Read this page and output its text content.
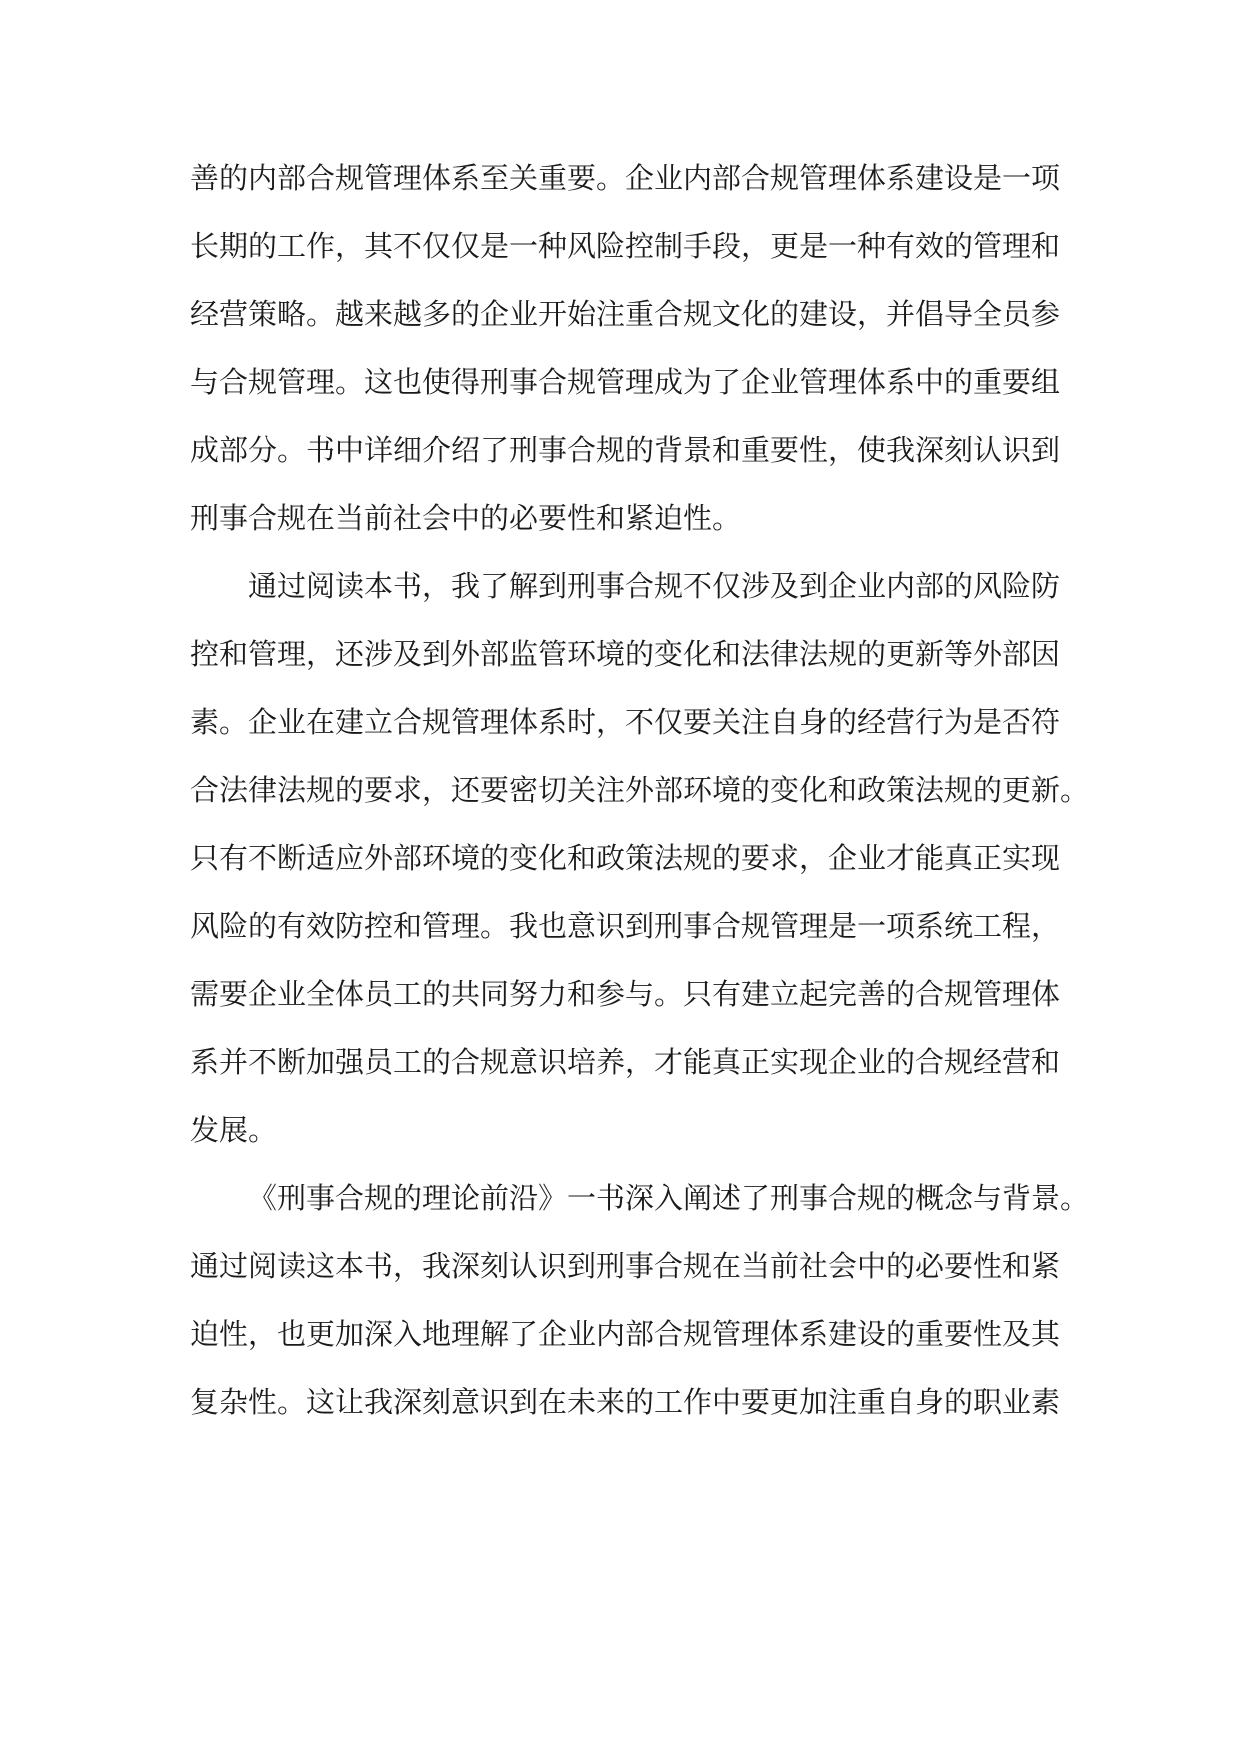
善的内部合规管理体系至关重要。企业内部合规管理体系建设是一项
长期的工作，其不仅仅是一种风险控制手段，更是一种有效的管理和
经营策略。越来越多的企业开始注重合规文化的建设，并倡导全员参
与合规管理。这也使得刑事合规管理成为了企业管理体系中的重要组
成部分。书中详细介绍了刑事合规的背景和重要性，使我深刻认识到
刑事合规在当前社会中的必要性和紧迫性。
通过阅读本书，我了解到刑事合规不仅涉及到企业内部的风险防
控和管理，还涉及到外部监管环境的变化和法律法规的更新等外部因
素。企业在建立合规管理体系时，不仅要关注自身的经营行为是否符
合法律法规的要求，还要密切关注外部环境的变化和政策法规的更新。
只有不断适应外部环境的变化和政策法规的要求，企业才能真正实现
风险的有效防控和管理。我也意识到刑事合规管理是一项系统工程，
需要企业全体员工的共同努力和参与。只有建立起完善的合规管理体
系并不断加强员工的合规意识培养，才能真正实现企业的合规经营和
发展。
《刑事合规的理论前沿》一书深入阐述了刑事合规的概念与背景。
通过阅读这本书，我深刻认识到刑事合规在当前社会中的必要性和紧
迫性，也更加深入地理解了企业内部合规管理体系建设的重要性及其
复杂性。这让我深刻意识到在未来的工作中要更加注重自身的职业素
